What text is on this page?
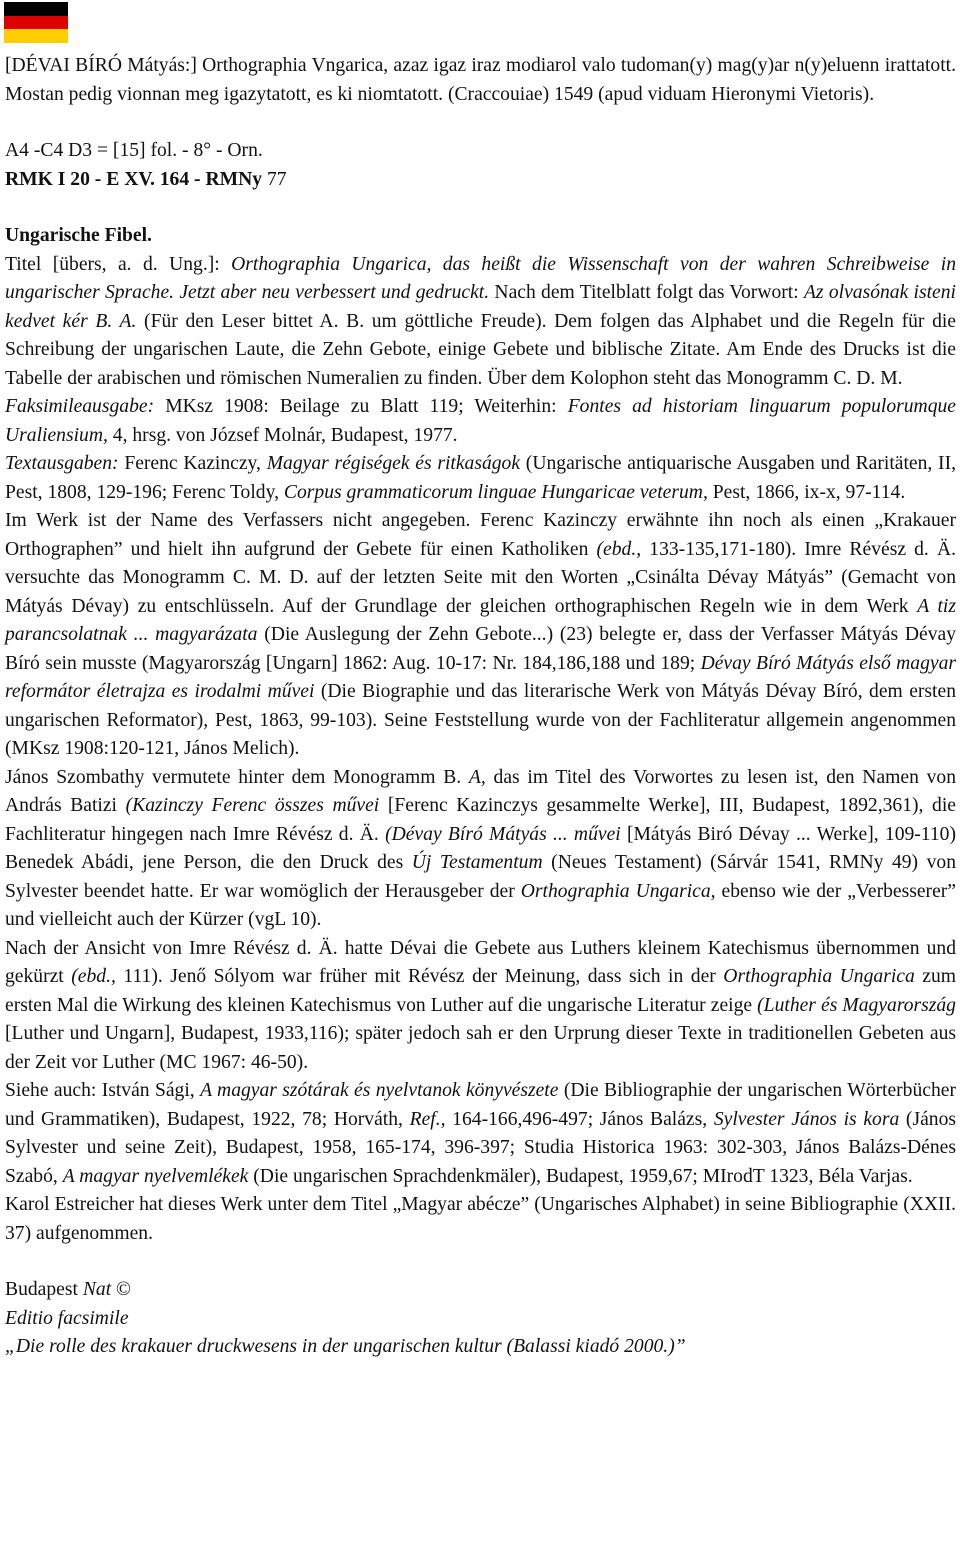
[DÉVAI BÍRÓ Mátyás:] Orthographia Vngarica, azaz igaz iraz modiarol valo tudoman(y) mag(y)ar n(y)eluenn irattatott. Mostan pedig vionnan meg igazytatott, es ki niomtatott. (Craccouiae) 1549 (apud viduam Hieronymi Vietoris).

A4 -C4 D3 = [15] fol. - 8° - Orn.

RMK I 20 - E XV. 164 - RMNy 77

Ungarische Fibel.

Titel [übers, a. d. Ung.]: Orthographia Ungarica, das heißt die Wissenschaft von der wahren Schreibweise in ungarischer Sprache. Jetzt aber neu verbessert und gedruckt. Nach dem Titelblatt folgt das Vorwort: Az olvasónak isteni kedvet kér B. A. (Für den Leser bittet A. B. um göttliche Freude). Dem folgen das Alphabet und die Regeln für die Schreibung der ungarischen Laute, die Zehn Gebote, einige Gebete und biblische Zitate. Am Ende des Drucks ist die Tabelle der arabischen und römischen Numeralien zu finden. Über dem Kolophon steht das Monogramm C. D. M.

Faksimileausgabe: MKsz 1908: Beilage zu Blatt 119; Weiterhin: Fontes ad historiam linguarum populorumque Uraliensium, 4, hrsg. von József Molnár, Budapest, 1977.

Textausgaben: Ferenc Kazinczy, Magyar régiségek és ritkaságok (Ungarische antiquarische Ausgaben und Raritäten, II, Pest, 1808, 129-196; Ferenc Toldy, Corpus grammaticorum linguae Hungaricae veterum, Pest, 1866, ix-x, 97-114.

Im Werk ist der Name des Verfassers nicht angegeben. Ferenc Kazinczy erwähnte ihn noch als einen „Krakauer Orthographen” und hielt ihn aufgrund der Gebete für einen Katholiken (ebd., 133-135,171-180). Imre Révész d. Ä. versuchte das Monogramm C. M. D. auf der letzten Seite mit den Worten „Csinálta Dévay Mátyás” (Gemacht von Mátyás Dévay) zu entschlüsseln. Auf der Grundlage der gleichen orthographischen Regeln wie in dem Werk A tiz parancsolatnak ... magyarázata (Die Auslegung der Zehn Gebote...) (23) belegte er, dass der Verfasser Mátyás Dévay Bíró sein musste (Magyarország [Ungarn] 1862: Aug. 10-17: Nr. 184,186,188 und 189; Dévay Bíró Mátyás első magyar reformátor életrajza es irodalmi művei (Die Biographie und das literarische Werk von Mátyás Dévay Bíró, dem ersten ungarischen Reformator), Pest, 1863, 99-103). Seine Feststellung wurde von der Fachliteratur allgemein angenommen (MKsz 1908:120-121, János Melich).

János Szombathy vermutete hinter dem Monogramm B. A, das im Titel des Vorwortes zu lesen ist, den Namen von András Batizi (Kazinczy Ferenc összes művei [Ferenc Kazinczys gesammelte Werke], III, Budapest, 1892,361), die Fachliteratur hingegen nach Imre Révész d. Ä. (Dévay Bíró Mátyás ... művei [Mátyás Biró Dévay ... Werke], 109-110) Benedek Abádi, jene Person, die den Druck des Új Testamentum (Neues Testament) (Sárvár 1541, RMNy 49) von Sylvester beendet hatte. Er war womöglich der Herausgeber der Orthographia Ungarica, ebenso wie der „Verbesserer” und vielleicht auch der Kürzer (vgL 10).

Nach der Ansicht von Imre Révész d. Ä. hatte Dévai die Gebete aus Luthers kleinem Katechismus übernommen und gekürzt (ebd., 111). Jenő Sólyom war früher mit Révész der Meinung, dass sich in der Orthographia Ungarica zum ersten Mal die Wirkung des kleinen Katechismus von Luther auf die ungarische Literatur zeige (Luther és Magyarország [Luther und Ungarn], Budapest, 1933,116); später jedoch sah er den Urprung dieser Texte in traditionellen Gebeten aus der Zeit vor Luther (MC 1967: 46-50).

Siehe auch: István Sági, A magyar szótárak és nyelvtanok könyvészete (Die Bibliographie der ungarischen Wörterbücher und Grammatiken), Budapest, 1922, 78; Horváth, Ref., 164-166,496-497; János Balázs, Sylvester János is kora (János Sylvester und seine Zeit), Budapest, 1958, 165-174, 396-397; Studia Historica 1963: 302-303, János Balázs-Dénes Szabó, A magyar nyelvemlékek (Die ungarischen Sprachdenkmäler), Budapest, 1959,67; MIrodT 1323, Béla Varjas.

Karol Estreicher hat dieses Werk unter dem Titel „Magyar abécze” (Ungarisches Alphabet) in seine Bibliographie (XXII. 37) aufgenommen.

Budapest Nat ©

Editio facsimile

„Die rolle des krakauer druckwesens in der ungarischen kultur (Balassi kiadó 2000.)”
